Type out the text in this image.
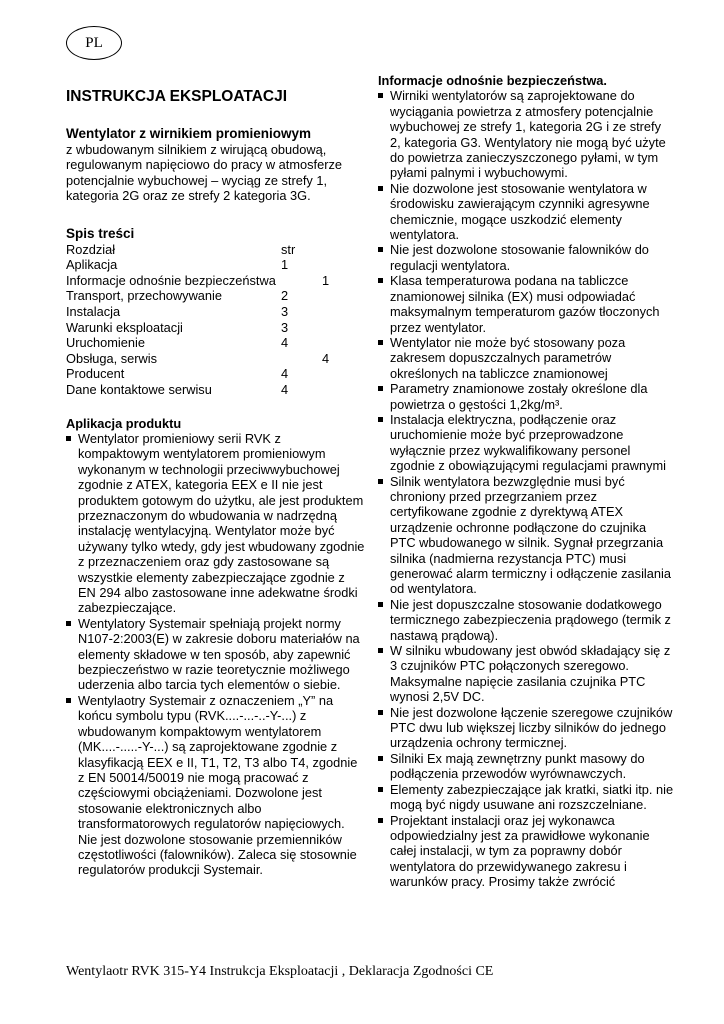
PL
INSTRUKCJA EKSPLOATACJI
Wentylator z wirnikiem promieniowym
z wbudowanym silnikiem z wirującą obudową, regulowanym napięciowo do pracy w atmosferze potencjalnie wybuchowej – wyciąg ze strefy 1, kategoria 2G oraz ze strefy 2 kategoria 3G.
Spis treści
Rozdział	str
Aplikacja	1
Informacje odnośnie bezpieczeństwa	1
Transport, przechowywanie	2
Instalacja	3
Warunki eksploatacji	3
Uruchomienie	4
Obsługa, serwis	4
Producent	4
Dane kontaktowe serwisu	4
Aplikacja produktu
Wentylator promieniowy serii RVK z kompaktowym wentylatorem promieniowym wykonanym w technologii przeciwwybuchowej zgodnie z ATEX, kategoria EEX e II nie jest produktem gotowym do użytku, ale jest produktem przeznaczonym do wbudowania w nadrzędną instalację wentylacyjną. Wentylator może być używany tylko wtedy, gdy jest wbudowany zgodnie z przeznaczeniem oraz gdy zastosowane są wszystkie elementy zabezpieczające zgodnie z EN 294 albo zastosowane inne adekwatne środki zabezpieczające.
Wentylatory Systemair spełniają projekt normy N107-2:2003(E) w zakresie doboru materiałów na elementy składowe w ten sposób, aby zapewnić bezpieczeństwo w razie teoretycznie możliwego uderzenia albo tarcia tych elementów o siebie.
Wentylaotry Systemair z oznaczeniem „Y” na końcu symbolu typu (RVK....-...-..-Y-...) z wbudowanym kompaktowym wentylatorem (MK....-.....-Y-...) są zaprojektowane zgodnie z klasyfikacją EEX e II, T1, T2, T3 albo T4, zgodnie z EN 50014/50019 nie mogą pracować z częściowymi obciążeniami. Dozwolone jest stosowanie elektronicznych albo transformatorowych regulatorów napięciowych. Nie jest dozwolone stosowanie przemienników częstotliwości (falowników). Zaleca się stosownie regulatorów produkcji Systemair.
Informacje odnośnie bezpieczeństwa.
Wirniki wentylatorów są zaprojektowane do wyciągania powietrza z atmosfery potencjalnie wybuchowej ze strefy 1, kategoria 2G i ze strefy 2, kategoria G3. Wentylatory nie mogą być użyte do powietrza zanieczyszczonego pyłami, w tym pyłami palnymi i wybuchowymi.
Nie dozwolone jest stosowanie wentylatora w środowisku zawierającym czynniki agresywne chemicznie, mogące uszkodzić elementy wentylatora.
Nie jest dozwolone stosowanie falowników do regulacji wentylatora.
Klasa temperaturowa podana na tabliczce znamionowej silnika (EX) musi odpowiadać maksymalnym temperaturom gazów tłoczonych przez wentylator.
Wentylator nie może być stosowany poza zakresem dopuszczalnych parametrów określonych na tabliczce znamionowej
Parametry znamionowe zostały określone dla powietrza o gęstości 1,2kg/m³.
Instalacja elektryczna, podłączenie oraz uruchomienie może być przeprowadzone wyłącznie przez wykwalifikowany personel zgodnie z obowiązującymi regulacjami prawnymi
Silnik wentylatora bezwzględnie musi być chroniony przed przegrzaniem przez certyfikowane zgodnie z dyrektywą ATEX urządzenie ochronne podłączone do czujnika PTC wbudowanego w silnik. Sygnał przegrzania silnika (nadmierna rezystancja PTC) musi generować alarm termiczny i odłączenie zasilania od wentylatora.
Nie jest dopuszczalne stosowanie dodatkowego termicznego zabezpieczenia prądowego (termik z nastawą prądową).
W silniku wbudowany jest obwód składający się z 3 czujników PTC połączonych szeregowo. Maksymalne napięcie zasilania czujnika PTC wynosi 2,5V DC.
Nie jest dozwolone łączenie szeregowe czujników PTC dwu lub większej liczby silników do jednego urządzenia ochrony termicznej.
Silniki Ex mają zewnętrzny punkt masowy do podłączenia przewodów wyrównawczych.
Elementy zabezpieczające jak kratki, siatki itp. nie mogą być nigdy usuwane ani rozszczelniane.
Projektant instalacji oraz jej wykonawca odpowiedzialny jest za prawidłowe wykonanie całej instalacji, w tym za poprawny dobór wentylatora do przewidywanego zakresu i warunków pracy. Prosimy także zwrócić
Wentylaotr RVK 315-Y4 Instrukcja Eksploatacji , Deklaracja Zgodności CE
